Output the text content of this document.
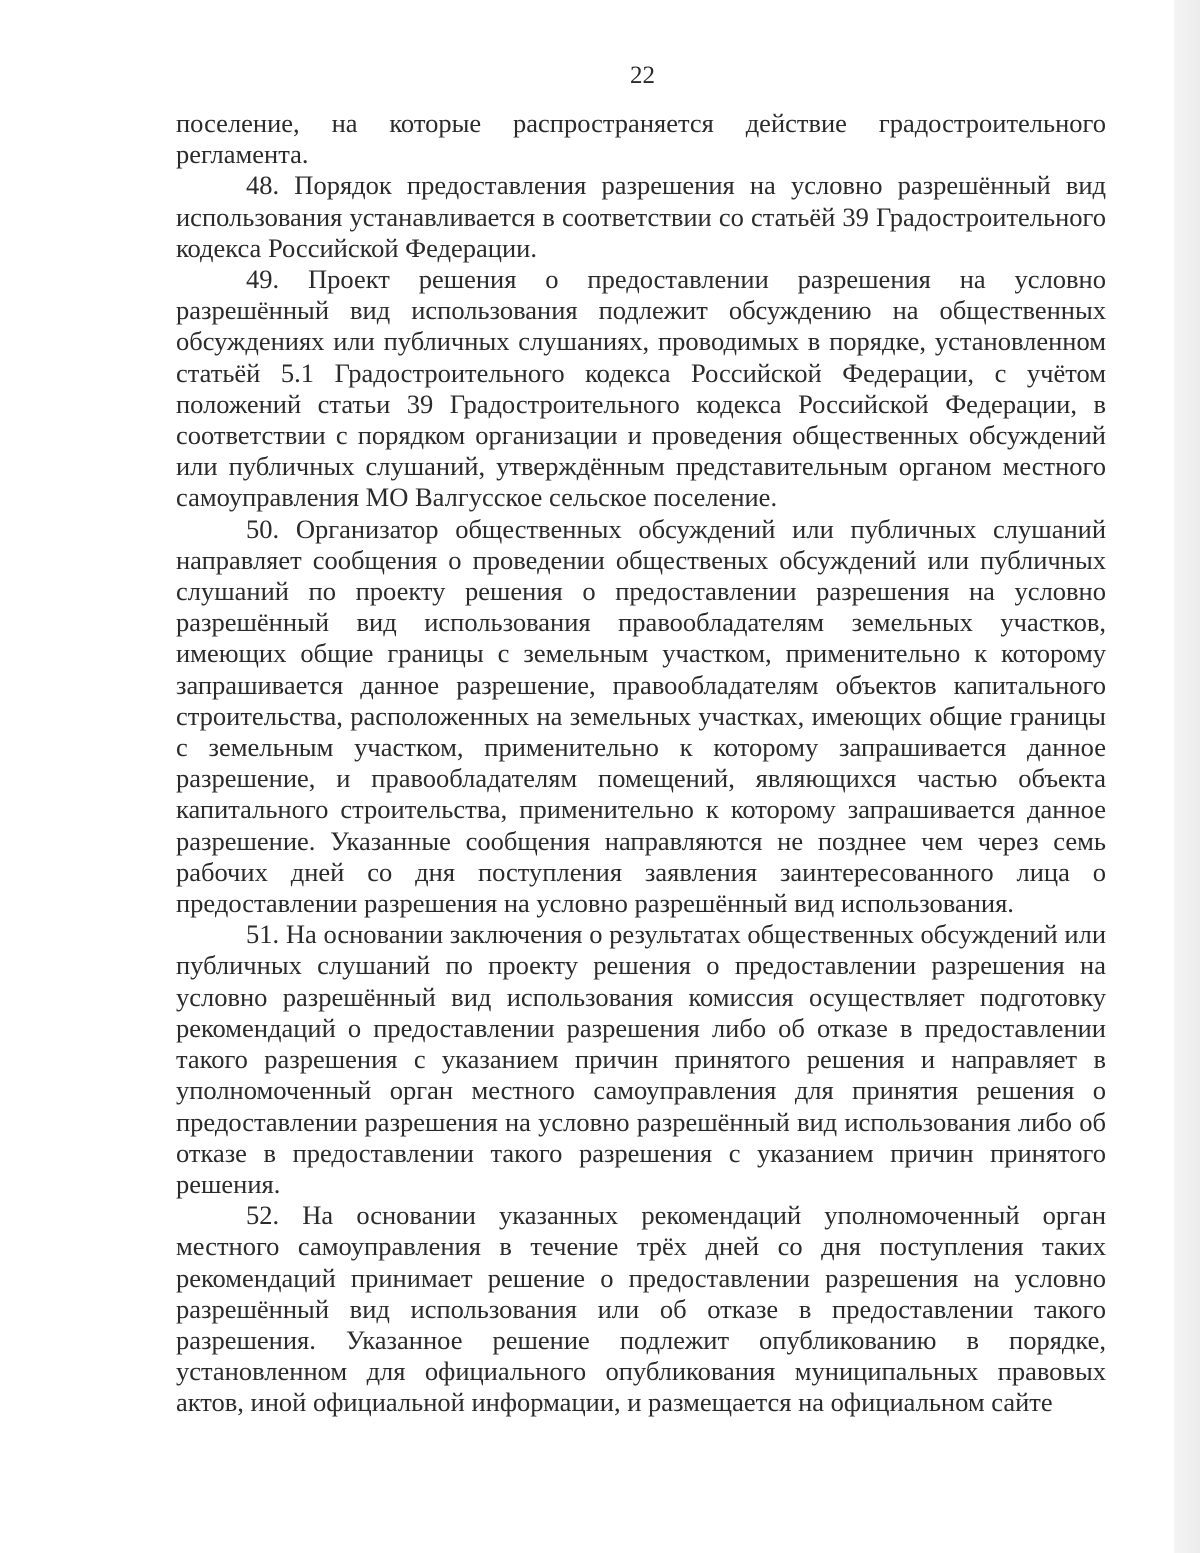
22

поселение, на которые распространяется действие градостроительного регламента.

48. Порядок предоставления разрешения на условно разрешённый вид использования устанавливается в соответствии со статьёй 39 Градостроительного кодекса Российской Федерации.

49. Проект решения о предоставлении разрешения на условно разрешённый вид использования подлежит обсуждению на общественных обсуждениях или публичных слушаниях, проводимых в порядке, установленном статьёй 5.1 Градостроительного кодекса Российской Федерации, с учётом положений статьи 39 Градостроительного кодекса Российской Федерации, в соответствии с порядком организации и проведения общественных обсуждений или публичных слушаний, утверждённым представительным органом местного самоуправления МО Валгусское сельское поселение.

50. Организатор общественных обсуждений или публичных слушаний направляет сообщения о проведении общественых обсуждений или публичных слушаний по проекту решения о предоставлении разрешения на условно разрешённый вид использования правообладателям земельных участков, имеющих общие границы с земельным участком, применительно к которому запрашивается данное разрешение, правообладателям объектов капитального строительства, расположенных на земельных участках, имеющих общие границы с земельным участком, применительно к которому запрашивается данное разрешение, и правообладателям помещений, являющихся частью объекта капитального строительства, применительно к которому запрашивается данное разрешение. Указанные сообщения направляются не позднее чем через семь рабочих дней со дня поступления заявления заинтересованного лица о предоставлении разрешения на условно разрешённый вид использования.

51. На основании заключения о результатах общественных обсуждений или публичных слушаний по проекту решения о предоставлении разрешения на условно разрешённый вид использования комиссия осуществляет подготовку рекомендаций о предоставлении разрешения либо об отказе в предоставлении такого разрешения с указанием причин принятого решения и направляет в уполномоченный орган местного самоуправления для принятия решения о предоставлении разрешения на условно разрешённый вид использования либо об отказе в предоставлении такого разрешения с указанием причин принятого решения.

52. На основании указанных рекомендаций уполномоченный орган местного самоуправления в течение трёх дней со дня поступления таких рекомендаций принимает решение о предоставлении разрешения на условно разрешённый вид использования или об отказе в предоставлении такого разрешения. Указанное решение подлежит опубликованию в порядке, установленном для официального опубликования муниципальных правовых актов, иной официальной информации, и размещается на официальном сайте
